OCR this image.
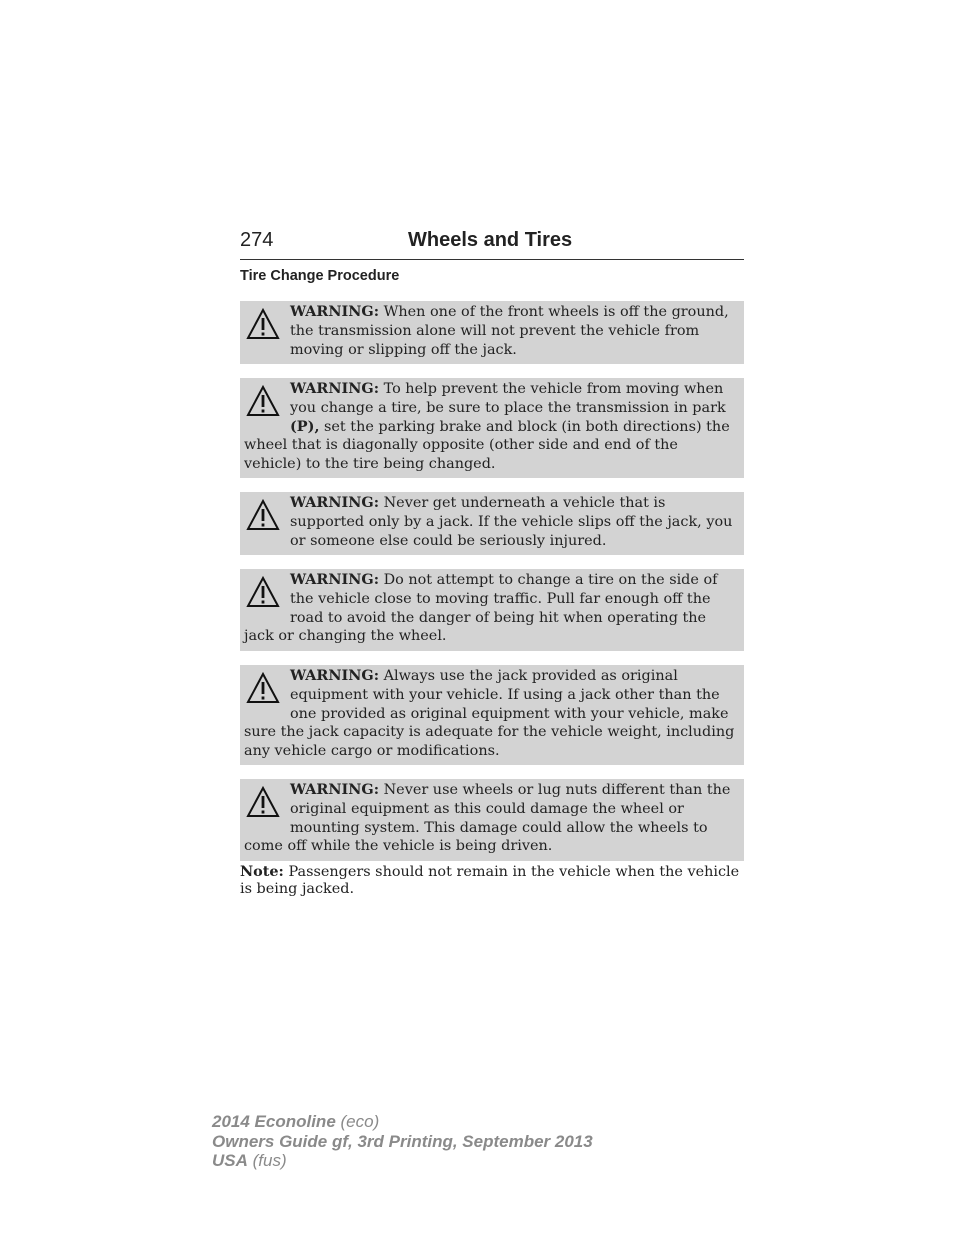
274	Wheels and Tires
Tire Change Procedure
WARNING: When one of the front wheels is off the ground, the transmission alone will not prevent the vehicle from moving or slipping off the jack.
WARNING: To help prevent the vehicle from moving when you change a tire, be sure to place the transmission in park (P), set the parking brake and block (in both directions) the wheel that is diagonally opposite (other side and end of the vehicle) to the tire being changed.
WARNING: Never get underneath a vehicle that is supported only by a jack. If the vehicle slips off the jack, you or someone else could be seriously injured.
WARNING: Do not attempt to change a tire on the side of the vehicle close to moving traffic. Pull far enough off the road to avoid the danger of being hit when operating the jack or changing the wheel.
WARNING: Always use the jack provided as original equipment with your vehicle. If using a jack other than the one provided as original equipment with your vehicle, make sure the jack capacity is adequate for the vehicle weight, including any vehicle cargo or modifications.
WARNING: Never use wheels or lug nuts different than the original equipment as this could damage the wheel or mounting system. This damage could allow the wheels to come off while the vehicle is being driven.
Note: Passengers should not remain in the vehicle when the vehicle is being jacked.
2014 Econoline (eco)
Owners Guide gf, 3rd Printing, September 2013
USA (fus)
